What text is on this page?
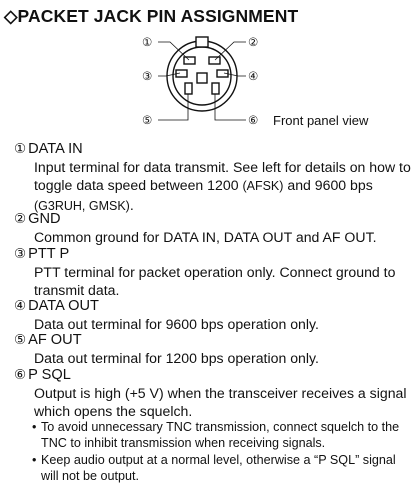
◇PACKET JACK PIN ASSIGNMENT
①	②
③	④
⑤	⑥ Front panel view
① DATA IN
Input terminal for data transmit. See left for details on how to toggle data speed between 1200 (AFSK) and 9600 bps (G3RUH, GMSK).
② GND
Common ground for DATA IN, DATA OUT and AF OUT.
③ PTT P
PTT terminal for packet operation only. Connect ground to transmit data.
④ DATA OUT
Data out terminal for 9600 bps operation only.
⑤ AF OUT
Data out terminal for 1200 bps operation only.
⑥ P SQL
Output is high (+5 V) when the transceiver receives a signal which opens the squelch.
• To avoid unnecessary TNC transmission, connect squelch to the TNC to inhibit transmission when receiving signals.
• Keep audio output at a normal level, otherwise a “P SQL” signal will not be output.
